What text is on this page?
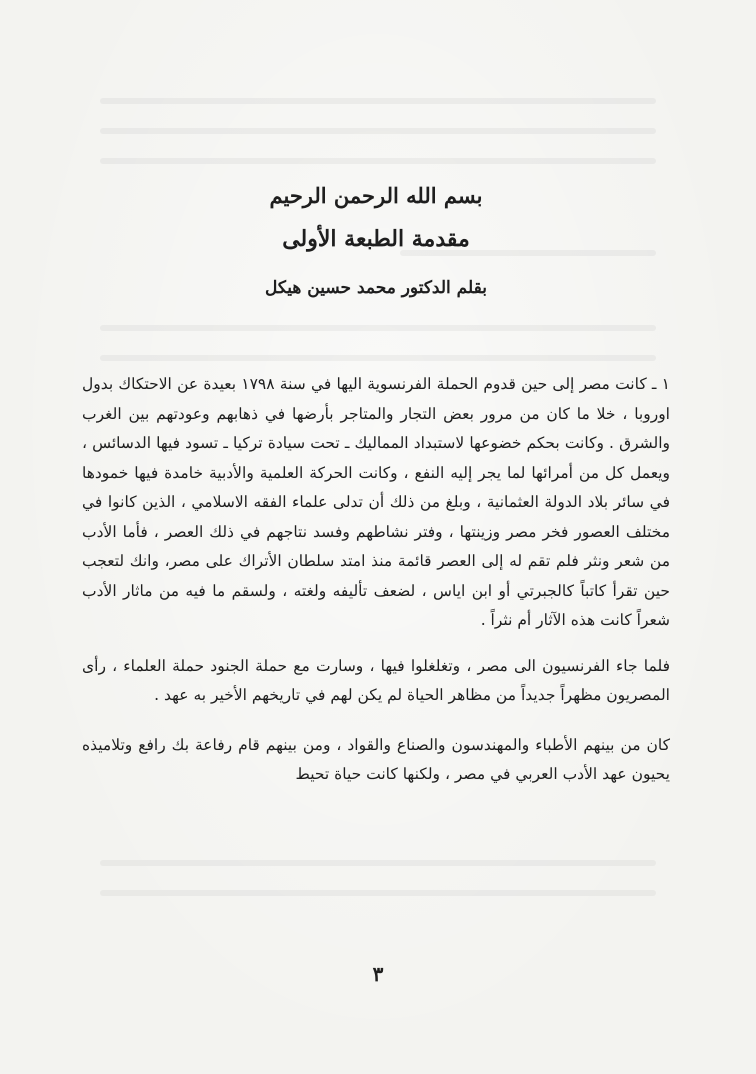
بسم الله الرحمن الرحيم
مقدمة الطبعة الأولى
بقلم الدكتور محمد حسين هيكل

١ ـ كانت مصر إلى حين قدوم الحملة الفرنسوية اليها في سنة ١٧٩٨ بعيدة عن الاحتكاك بدول اوروبا ، خلا ما كان من مرور بعض التجار والمتاجر بأرضها في ذهابهم وعودتهم بين الغرب والشرق . وكانت بحكم خضوعها لاستبداد المماليك ـ تحت سيادة تركيا ـ تسود فيها الدسائس ، ويعمل كل من أمرائها لما يجر إليه النفع ، وكانت الحركة العلمية والأدبية خامدة فيها خمودها في سائر بلاد الدولة العثمانية ، وبلغ من ذلك أن تدلى علماء الفقه الاسلامي ، الذين كانوا في مختلف العصور فخر مصر وزينتها ، وفتر نشاطهم وفسد نتاجهم في ذلك العصر ، فأما الأدب من شعر ونثر فلم تقم له إلى العصر قائمة منذ امتد سلطان الأتراك على مصر، وانك لتعجب حين تقرأ كاتباً كالجبرتي أو ابن اياس ، لضعف تأليفه ولغته ، ولسقم ما فيه من ماثار الأدب شعراً كانت هذه الآثار أم نثراً .

فلما جاء الفرنسيون الى مصر ، وتغلغلوا فيها ، وسارت مع حملة الجنود حملة العلماء ، رأى المصريون مظهراً جديداً من مظاهر الحياة لم يكن لهم في تاريخهم الأخير به عهد .

كان من بينهم الأطباء والمهندسون والصناع والقواد ، ومن بينهم قام رفاعة بك رافع وتلاميذه يحيون عهد الأدب العربي في مصر ، ولكنها كانت حياة تحيط

٣
